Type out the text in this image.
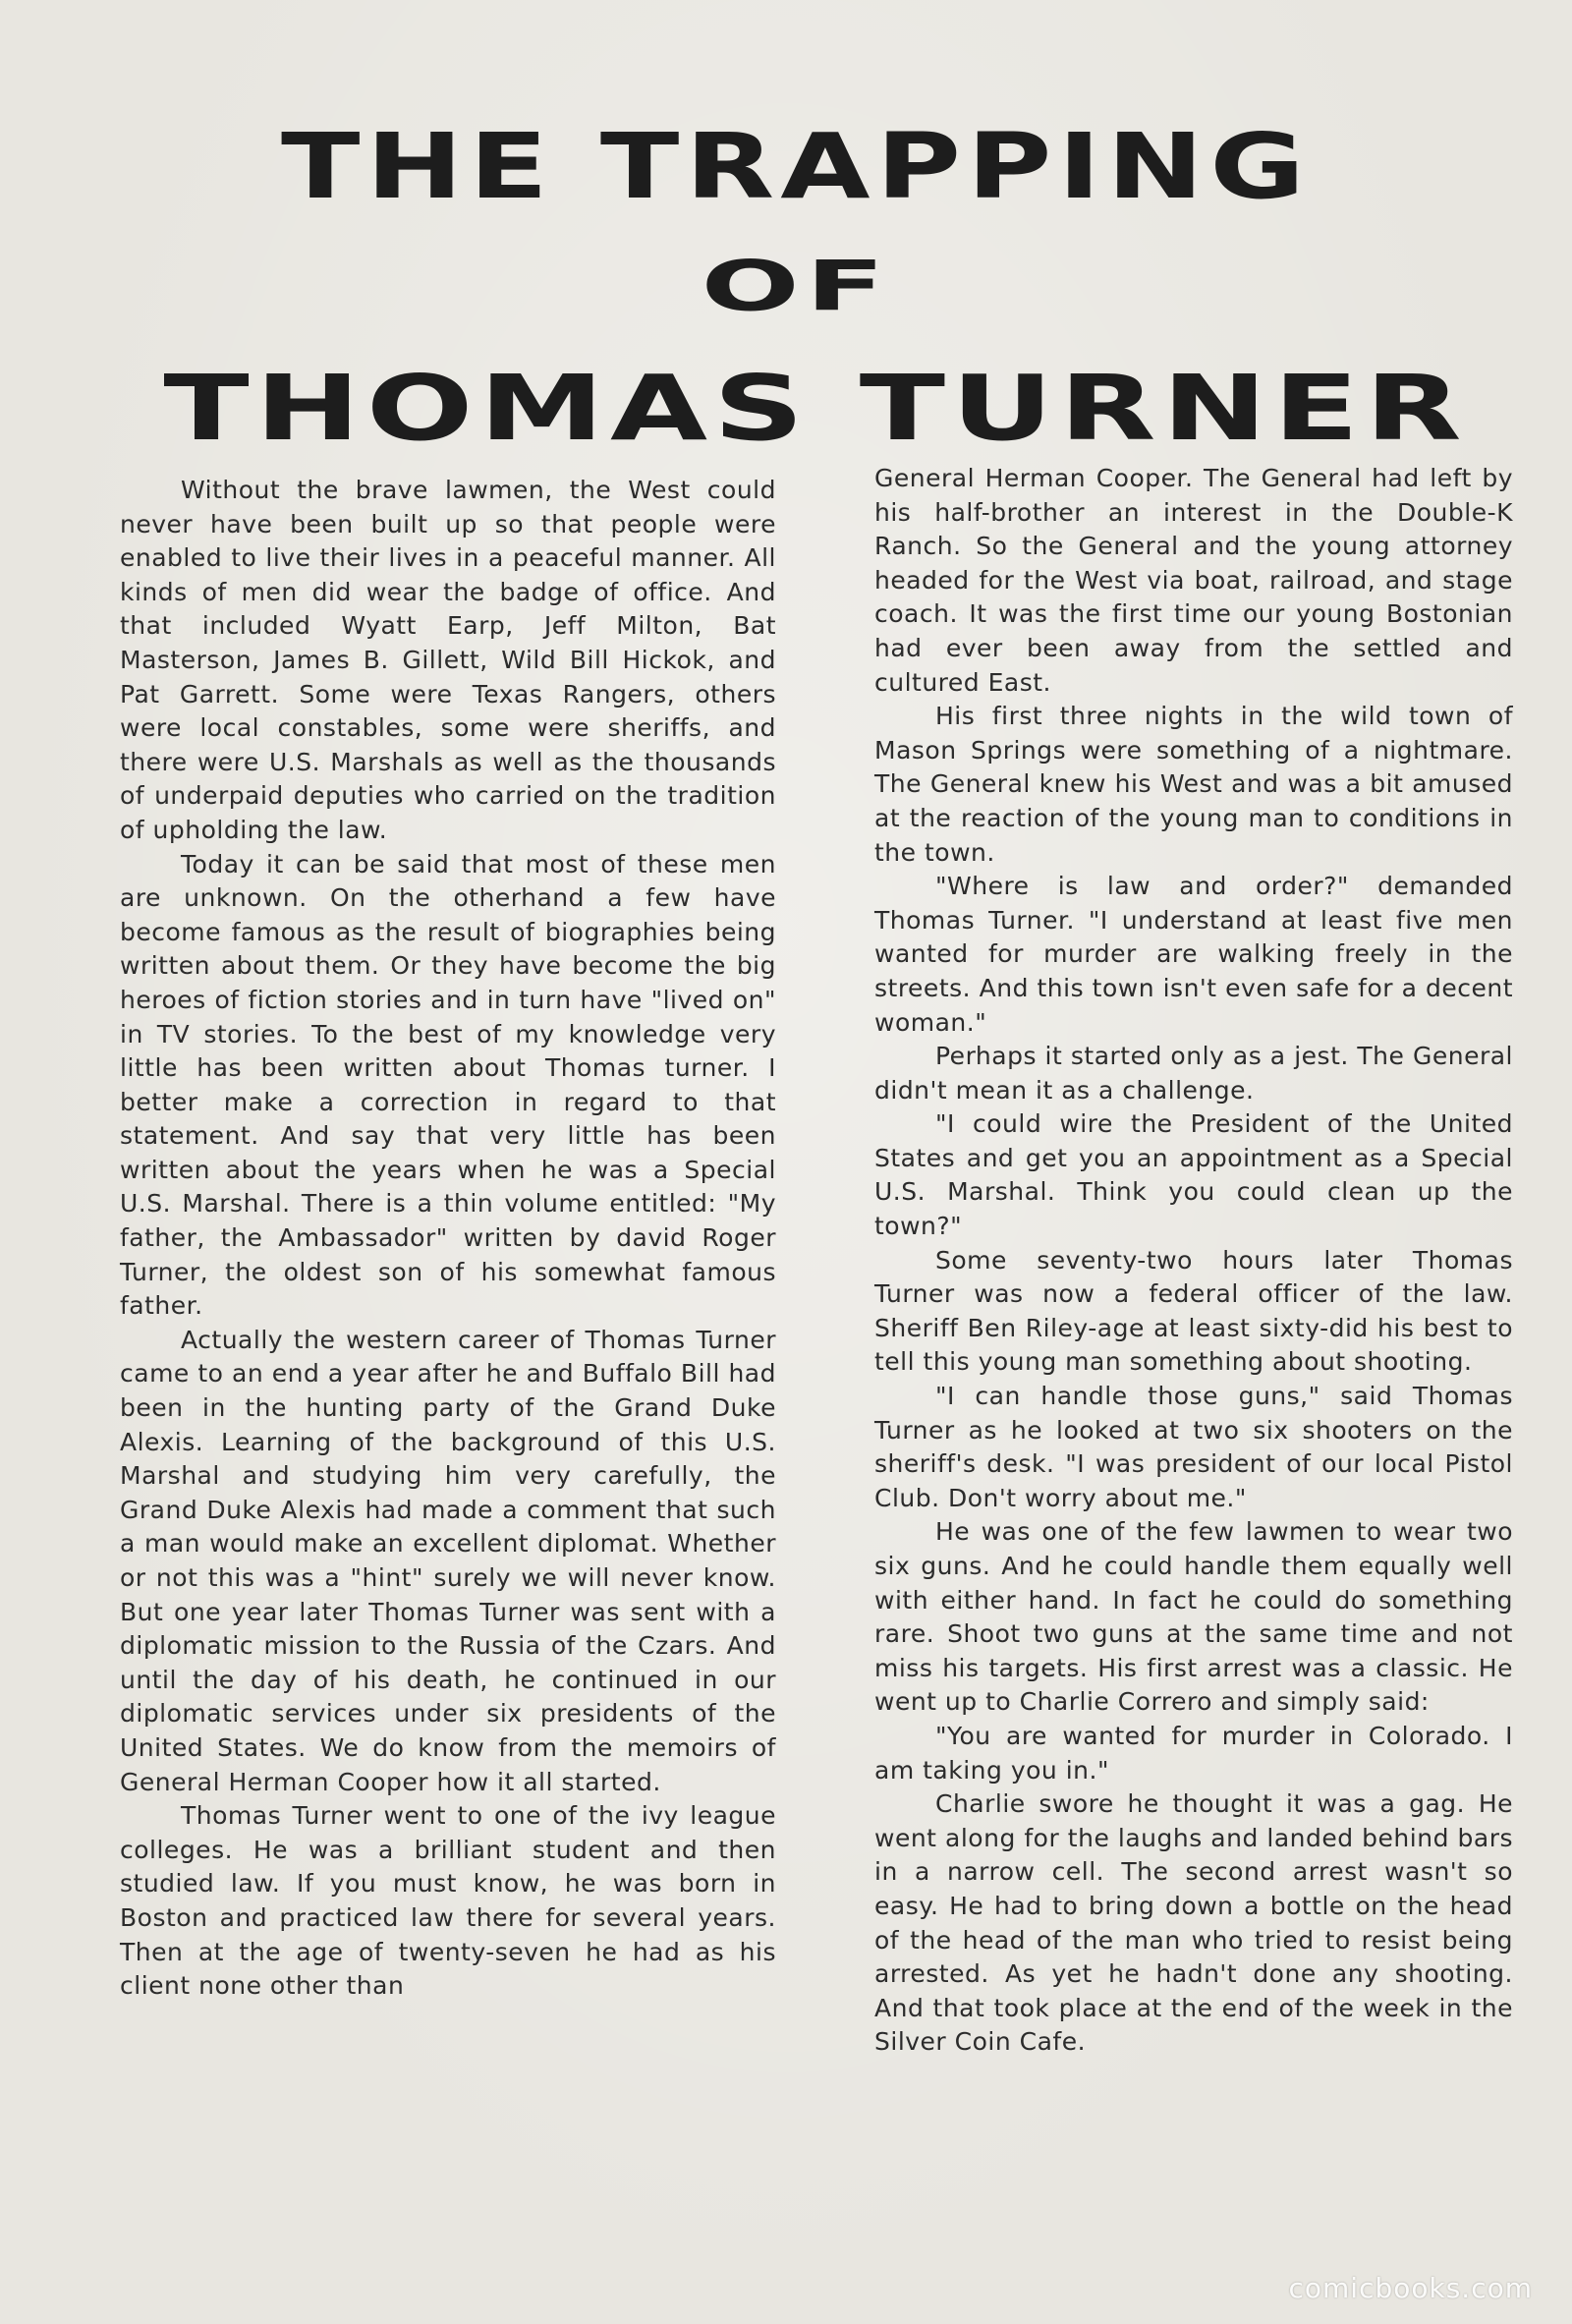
THE TRAPPING
OF
THOMAS TURNER

Without the brave lawmen, the West could never have been built up so that people were enabled to live their lives in a peaceful manner. All kinds of men did wear the badge of office. And that included Wyatt Earp, Jeff Milton, Bat Masterson, James B. Gillett, Wild Bill Hickok, and Pat Garrett. Some were Texas Rangers, others were local constables, some were sheriffs, and there were U.S. Marshals as well as the thousands of underpaid deputies who carried on the tradition of upholding the law.

Today it can be said that most of these men are unknown. On the otherhand a few have become famous as the result of biographies being written about them. Or they have become the big heroes of fiction stories and in turn have "lived on" in TV stories. To the best of my knowledge very little has been written about Thomas turner. I better make a correction in regard to that statement. And say that very little has been written about the years when he was a Special U.S. Marshal. There is a thin volume entitled: "My father, the Ambassador" written by david Roger Turner, the oldest son of his somewhat famous father.

Actually the western career of Thomas Turner came to an end a year after he and Buffalo Bill had been in the hunting party of the Grand Duke Alexis. Learning of the background of this U.S. Marshal and studying him very carefully, the Grand Duke Alexis had made a comment that such a man would make an excellent diplomat. Whether or not this was a "hint" surely we will never know. But one year later Thomas Turner was sent with a diplomatic mission to the Russia of the Czars. And until the day of his death, he continued in our diplomatic services under six presidents of the United States. We do know from the memoirs of General Herman Cooper how it all started.

Thomas Turner went to one of the ivy league colleges. He was a brilliant student and then studied law. If you must know, he was born in Boston and practiced law there for several years. Then at the age of twenty-seven he had as his client none other than

General Herman Cooper. The General had left by his half-brother an interest in the Double-K Ranch. So the General and the young attorney headed for the West via boat, railroad, and stage coach. It was the first time our young Bostonian had ever been away from the settled and cultured East.

His first three nights in the wild town of Mason Springs were something of a nightmare. The General knew his West and was a bit amused at the reaction of the young man to conditions in the town.

"Where is law and order?" demanded Thomas Turner. "I understand at least five men wanted for murder are walking freely in the streets. And this town isn't even safe for a decent woman."

Perhaps it started only as a jest. The General didn't mean it as a challenge.

"I could wire the President of the United States and get you an appointment as a Special U.S. Marshal. Think you could clean up the town?"

Some seventy-two hours later Thomas Turner was now a federal officer of the law. Sheriff Ben Riley-age at least sixty-did his best to tell this young man something about shooting.

"I can handle those guns," said Thomas Turner as he looked at two six shooters on the sheriff's desk. "I was president of our local Pistol Club. Don't worry about me."

He was one of the few lawmen to wear two six guns. And he could handle them equally well with either hand. In fact he could do something rare. Shoot two guns at the same time and not miss his targets. His first arrest was a classic. He went up to Charlie Correro and simply said:

"You are wanted for murder in Colorado. I am taking you in."

Charlie swore he thought it was a gag. He went along for the laughs and landed behind bars in a narrow cell. The second arrest wasn't so easy. He had to bring down a bottle on the head of the head of the man who tried to resist being arrested. As yet he hadn't done any shooting. And that took place at the end of the week in the Silver Coin Cafe.

comicbooks.com
